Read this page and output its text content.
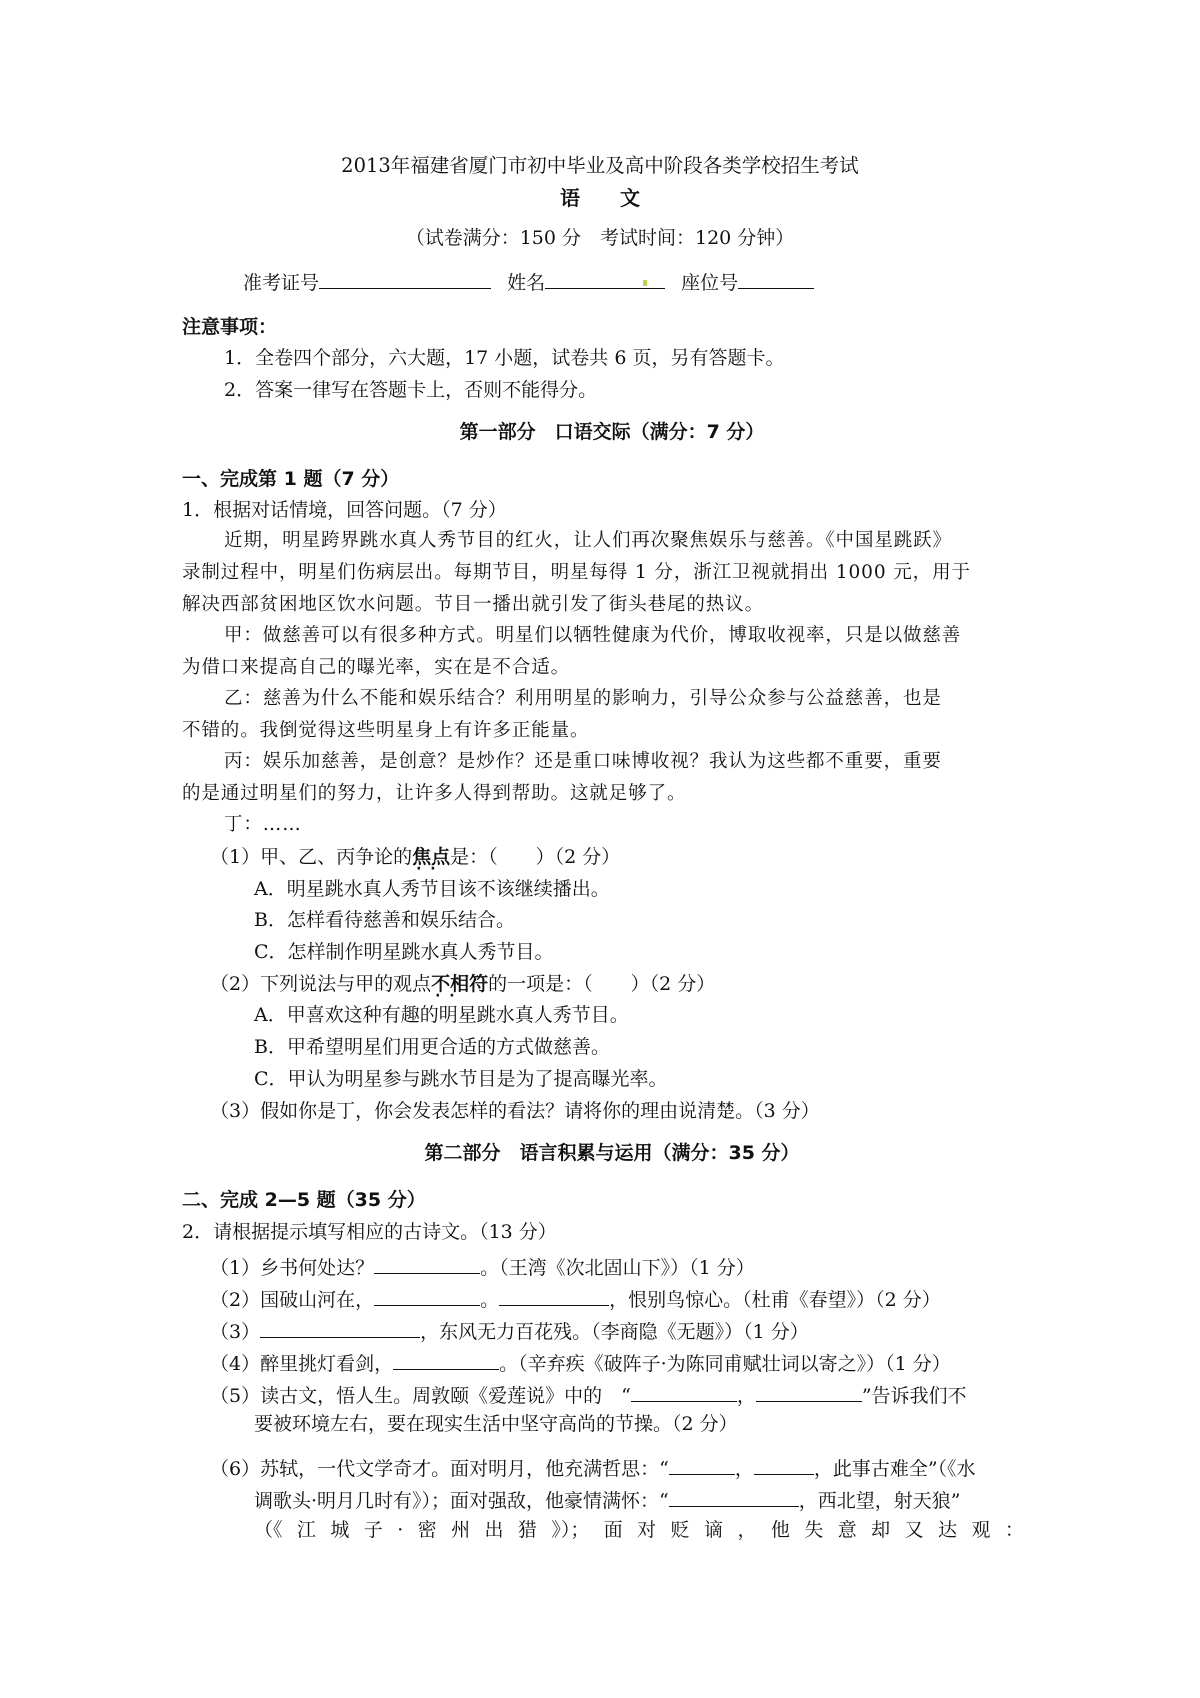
2013年福建省厦门市初中毕业及高中阶段各类学校招生考试
语　　文
（试卷满分：150 分　考试时间：120 分钟）
准考证号	姓名	座位号
注意事项：
1．全卷四个部分，六大题，17 小题，试卷共 6 页，另有答题卡。
2．答案一律写在答题卡上，否则不能得分。
第一部分　口语交际（满分：7 分）
一、完成第 1 题（7 分）
1．根据对话情境，回答问题。（7 分）
近期，明星跨界跳水真人秀节目的红火，让人们再次聚焦娱乐与慈善。《中国星跳跃》
录制过程中，明星们伤病层出。每期节目，明星每得 1 分，浙江卫视就捐出 1000 元，用于
解决西部贫困地区饮水问题。节目一播出就引发了街头巷尾的热议。
甲：做慈善可以有很多种方式。明星们以牺牲健康为代价，博取收视率，只是以做慈善
为借口来提高自己的曝光率，实在是不合适。
乙：慈善为什么不能和娱乐结合？利用明星的影响力，引导公众参与公益慈善，也是
不错的。我倒觉得这些明星身上有许多正能量。
丙：娱乐加慈善，是创意？是炒作？还是重口味博收视？我认为这些都不重要，重要
的是通过明星们的努力，让许多人得到帮助。这就足够了。
丁：……
（1）甲、乙、丙争论的焦点 · ·是：（　　）（2 分）
A．明星跳水真人秀节目该不该继续播出。
B．怎样看待慈善和娱乐结合。
C．怎样制作明星跳水真人秀节目。
（2）下列说法与甲的观点不相符 · ·的一项是：（　　）（2 分）
A．甲喜欢这种有趣的明星跳水真人秀节目。
B．甲希望明星们用更合适的方式做慈善。
C．甲认为明星参与跳水节目是为了提高曝光率。
（3）假如你是丁，你会发表怎样的看法？请将你的理由说清楚。（3 分）
第二部分　语言积累与运用（满分：35 分）
二、完成 2—5 题（35 分）
2．请根据提示填写相应的古诗文。（13 分）
（1）乡书何处达？	。（王湾《次北固山下》）（1 分）
（2）国破山河在，	。	，恨别鸟惊心。（杜甫《春望》）（2 分）
（3）	，东风无力百花残。（李商隐《无题》）（1 分）
（4）醉里挑灯看剑，	。（辛弃疾《破阵子·为陈同甫赋壮词以寄之》）（1 分）
（5）读古文，悟人生。周敦颐《爱莲说》中的　“	，	”告诉我们不
要被环境左右，要在现实生活中坚守高尚的节操。（2 分）
（6）苏轼，一代文学奇才。面对明月，他充满哲思：“	，	，此事古难全”（《水
调歌头·明月几时有》）；面对强敌，他豪情满怀：“	，西北望，射天狼”
（《 江 城 子 · 密 州 出 猎 》）； 面 对 贬 谪 ， 他 失 意 却 又 达 观 ：
